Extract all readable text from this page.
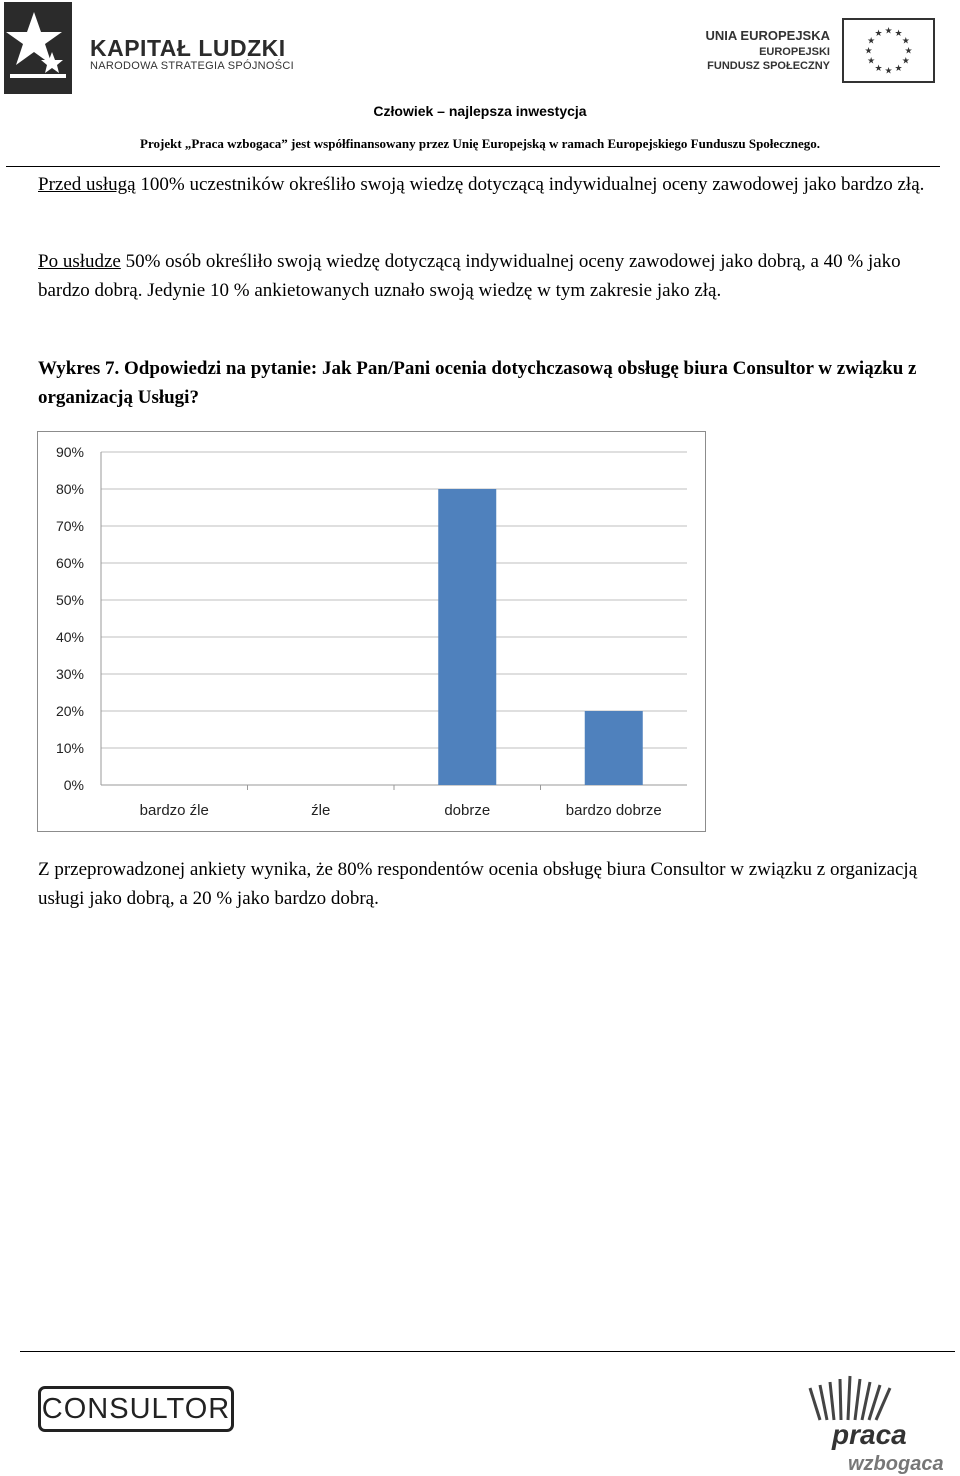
KAPITAŁ LUDZKI
NARODOWA STRATEGIA SPÓJNOŚCI
UNIA EUROPEJSKA
EUROPEJSKI
FUNDUSZ SPOŁECZNY
★
★
★
★
★
★
★
★
★ ★ ★
★
Człowiek – najlepsza inwestycja
Projekt „Praca wzbogaca” jest współfinansowany przez Unię Europejską w ramach Europejskiego Funduszu Społecznego.
Przed usługą 100% uczestników określiło swoją wiedzę dotyczącą indywidualnej oceny zawodowej jako bardzo złą.
Po usłudze 50% osób określiło swoją wiedzę dotyczącą indywidualnej oceny zawodowej jako dobrą, a 40 % jako bardzo dobrą. Jedynie 10 % ankietowanych uznało swoją wiedzę w tym zakresie jako złą.
Wykres 7. Odpowiedzi na pytanie: Jak Pan/Pani ocenia dotychczasową obsługę biura Consultor w związku z organizacją Usługi?
0%
10%
20%
30%
40%
50%
60%
70%
80%
90%
bardzo źle	źle	dobrze	bardzo dobrze
Z przeprowadzonej ankiety wynika, że 80% respondentów ocenia obsługę biura Consultor w związku z organizacją usługi jako dobrą, a 20 % jako bardzo dobrą.
CONSULTOR
praca
wzbogaca
